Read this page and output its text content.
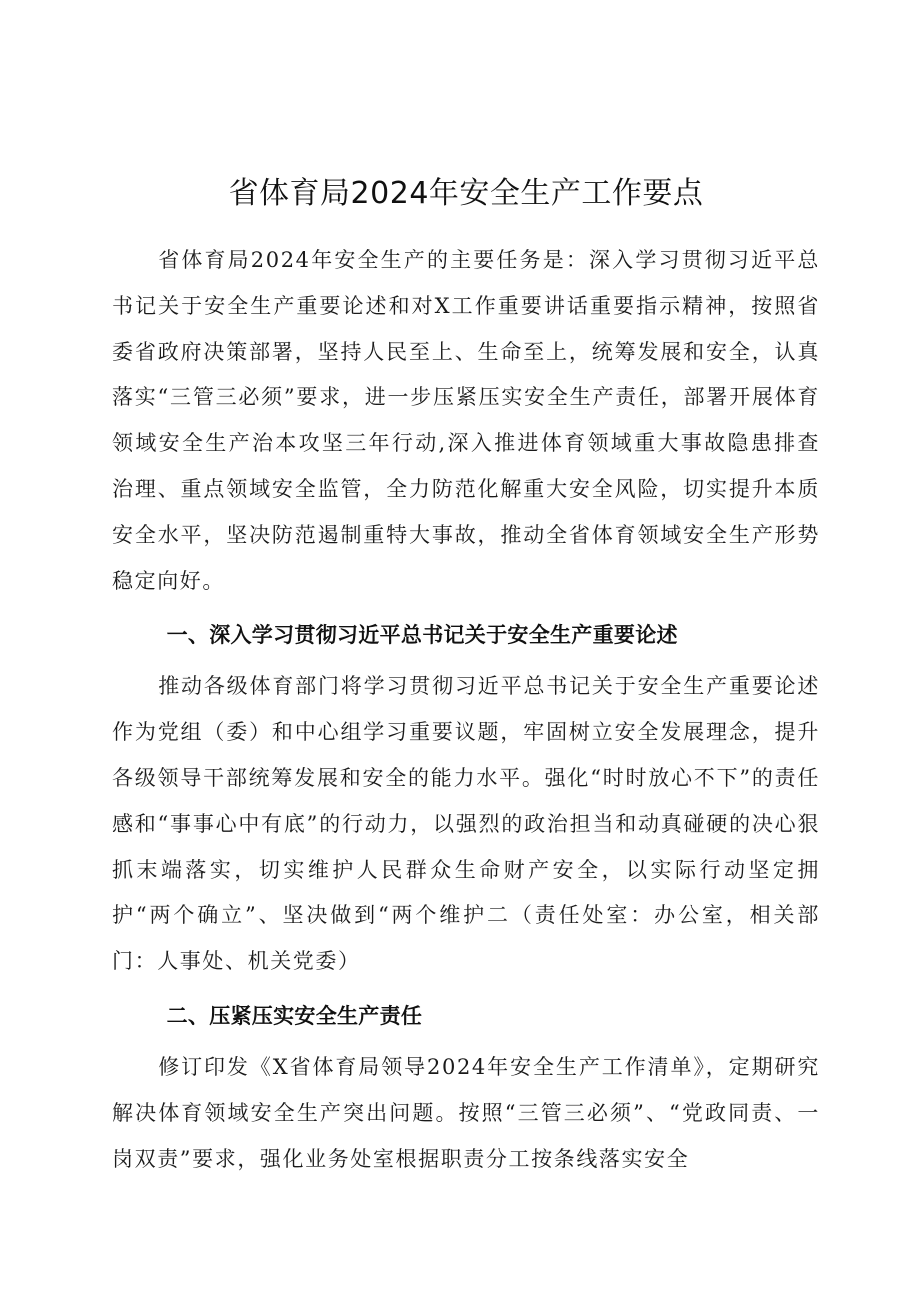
省体育局2024年安全生产工作要点

省体育局2024年安全生产的主要任务是：深入学习贯彻习近平总书记关于安全生产重要论述和对X工作重要讲话重要指示精神，按照省委省政府决策部署，坚持人民至上、生命至上，统筹发展和安全，认真落实“三管三必须”要求，进一步压紧压实安全生产责任，部署开展体育领域安全生产治本攻坚三年行动,深入推进体育领域重大事故隐患排查治理、重点领域安全监管，全力防范化解重大安全风险，切实提升本质安全水平，坚决防范遏制重特大事故，推动全省体育领域安全生产形势稳定向好。

一、深入学习贯彻习近平总书记关于安全生产重要论述

推动各级体育部门将学习贯彻习近平总书记关于安全生产重要论述作为党组（委）和中心组学习重要议题，牢固树立安全发展理念，提升各级领导干部统筹发展和安全的能力水平。强化“时时放心不下”的责任感和“事事心中有底”的行动力，以强烈的政治担当和动真碰硬的决心狠抓末端落实，切实维护人民群众生命财产安全，以实际行动坚定拥护“两个确立”、坚决做到“两个维护二（责任处室：办公室，相关部门：人事处、机关党委）

二、压紧压实安全生产责任

修订印发《X省体育局领导2024年安全生产工作清单》，定期研究解决体育领域安全生产突出问题。按照“三管三必须”、“党政同责、一岗双责”要求，强化业务处室根据职责分工按条线落实安全
